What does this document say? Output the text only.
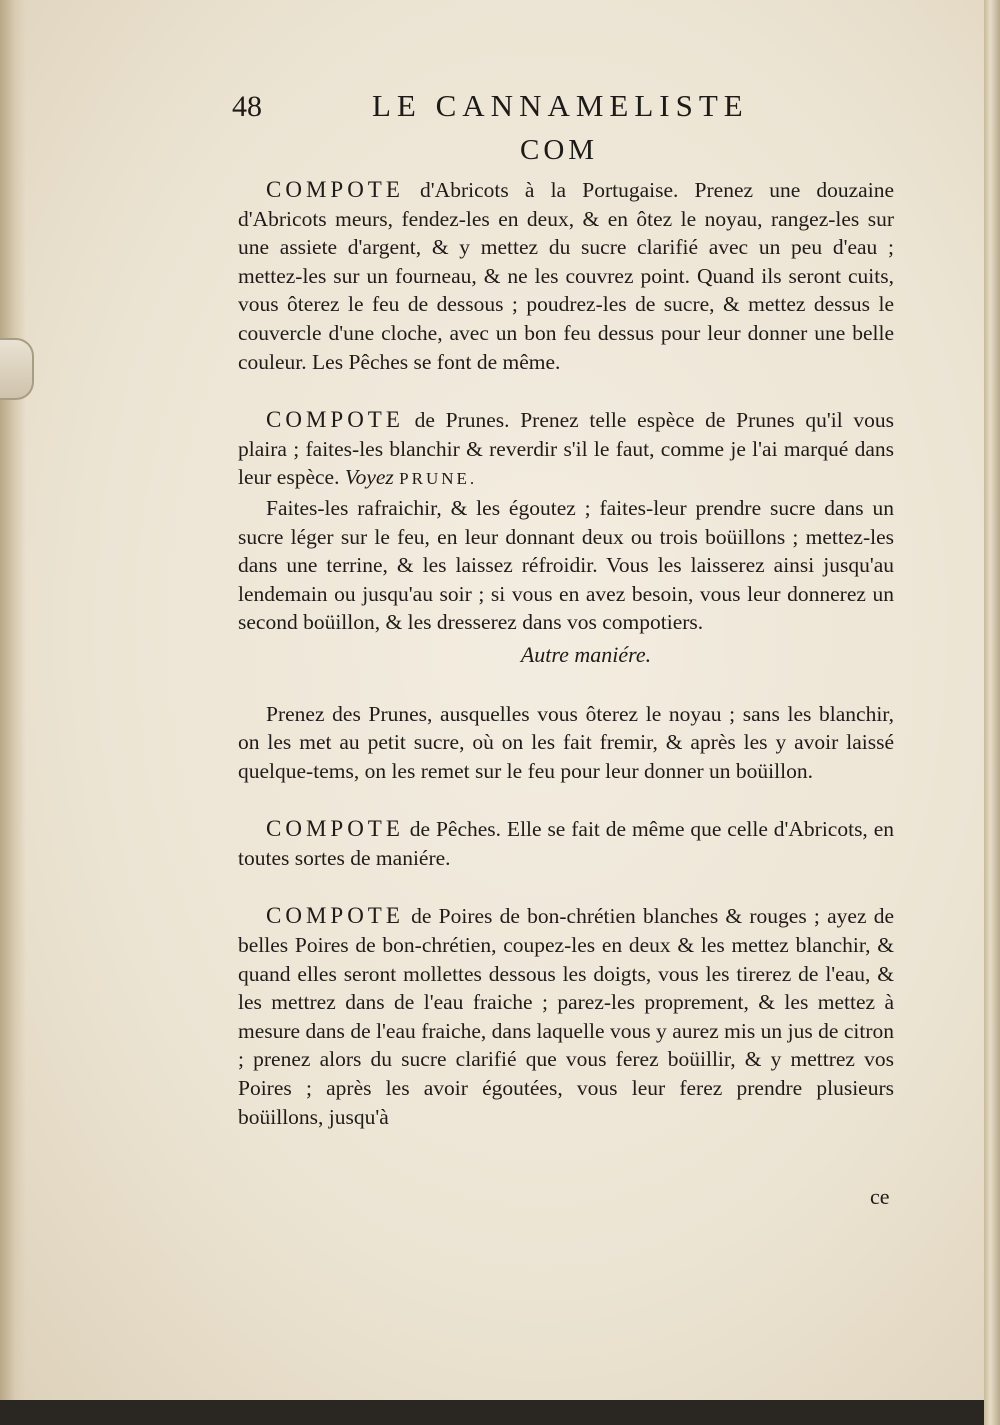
48	LE CANNAMELISTE
COM

COMPOTE d'Abricots à la Portugaise. Prenez une douzaine d'Abricots meurs, fendez-les en deux, & en ôtez le noyau, rangez-les sur une assiete d'argent, & y mettez du sucre clarifié avec un peu d'eau ; mettez-les sur un fourneau, & ne les couvrez point. Quand ils seront cuits, vous ôterez le feu de dessous ; poudrez-les de sucre, & mettez dessus le couvercle d'une cloche, avec un bon feu dessus pour leur donner une belle couleur. Les Pêches se font de même.

COMPOTE de Prunes. Prenez telle espèce de Prunes qu'il vous plaira ; faites-les blanchir & reverdir s'il le faut, comme je l'ai marqué dans leur espèce. Voyez PRUNE.

Faites-les rafraichir, & les égoutez ; faites-leur prendre sucre dans un sucre léger sur le feu, en leur donnant deux ou trois boüillons ; mettez-les dans une terrine, & les laissez réfroidir. Vous les laisserez ainsi jusqu'au lendemain ou jusqu'au soir ; si vous en avez besoin, vous leur donnerez un second boüillon, & les dresserez dans vos compotiers.

Autre maniére.

Prenez des Prunes, ausquelles vous ôterez le noyau ; sans les blanchir, on les met au petit sucre, où on les fait fremir, & après les y avoir laissé quelque-tems, on les remet sur le feu pour leur donner un boüillon.

COMPOTE de Pêches. Elle se fait de même que celle d'Abricots, en toutes sortes de maniére.

COMPOTE de Poires de bon-chrétien blanches & rouges ; ayez de belles Poires de bon-chrétien, coupez-les en deux & les mettez blanchir, & quand elles seront mollettes dessous les doigts, vous les tirerez de l'eau, & les mettrez dans de l'eau fraiche ; parez-les proprement, & les mettez à mesure dans de l'eau fraiche, dans laquelle vous y aurez mis un jus de citron ; prenez alors du sucre clarifié que vous ferez boüillir, & y mettrez vos Poires ; après les avoir égoutées, vous leur ferez prendre plusieurs boüillons, jusqu'à

ce
